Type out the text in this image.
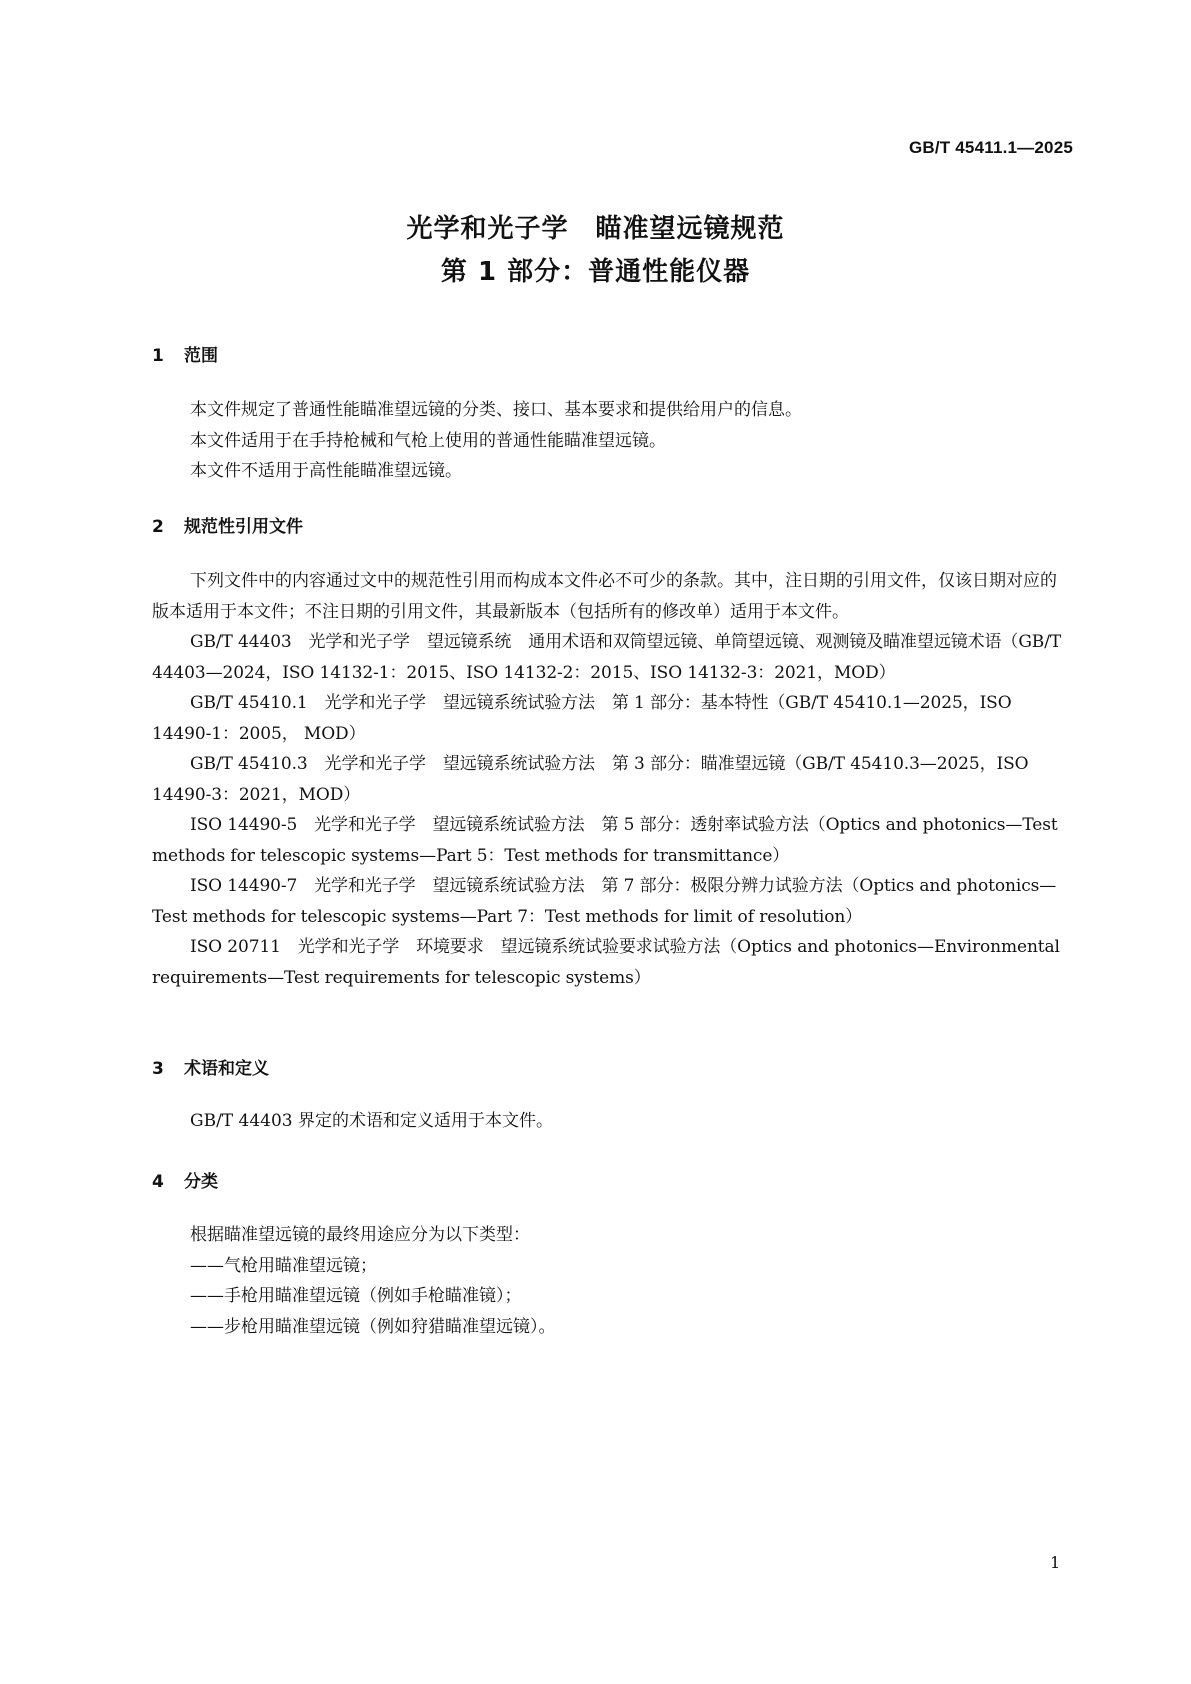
GB/T 45411.1—2025
光学和光子学　瞄准望远镜规范
第 1 部分：普通性能仪器
1 范围

本文件规定了普通性能瞄准望远镜的分类、接口、基本要求和提供给用户的信息。

本文件适用于在手持枪械和气枪上使用的普通性能瞄准望远镜。

本文件不适用于高性能瞄准望远镜。

2 规范性引用文件

下列文件中的内容通过文中的规范性引用而构成本文件必不可少的条款。其中，注日期的引用文件，仅该日期对应的版本适用于本文件；不注日期的引用文件，其最新版本（包括所有的修改单）适用于本文件。

GB/T 44403　光学和光子学　望远镜系统　通用术语和双筒望远镜、单筒望远镜、观测镜及瞄准望远镜术语（GB/T 44403—2024，ISO 14132-1：2015、ISO 14132-2：2015、ISO 14132-3：2021，MOD）

GB/T 45410.1　光学和光子学　望远镜系统试验方法　第 1 部分：基本特性（GB/T 45410.1—2025，ISO 14490-1：2005， MOD）

GB/T 45410.3　光学和光子学　望远镜系统试验方法　第 3 部分：瞄准望远镜（GB/T 45410.3—2025，ISO 14490-3：2021，MOD）

ISO 14490-5　光学和光子学　望远镜系统试验方法　第 5 部分：透射率试验方法（Optics and photonics—Test methods for telescopic systems—Part 5：Test methods for transmittance）

ISO 14490-7　光学和光子学　望远镜系统试验方法　第 7 部分：极限分辨力试验方法（Optics and photonics—Test methods for telescopic systems—Part 7：Test methods for limit of resolution）

ISO 20711　光学和光子学　环境要求　望远镜系统试验要求试验方法（Optics and photonics—Environmental requirements—Test requirements for telescopic systems）

3 术语和定义

GB/T 44403 界定的术语和定义适用于本文件。

4 分类

根据瞄准望远镜的最终用途应分为以下类型：

——气枪用瞄准望远镜；

——手枪用瞄准望远镜（例如手枪瞄准镜）；

——步枪用瞄准望远镜（例如狩猎瞄准望远镜）。

1
